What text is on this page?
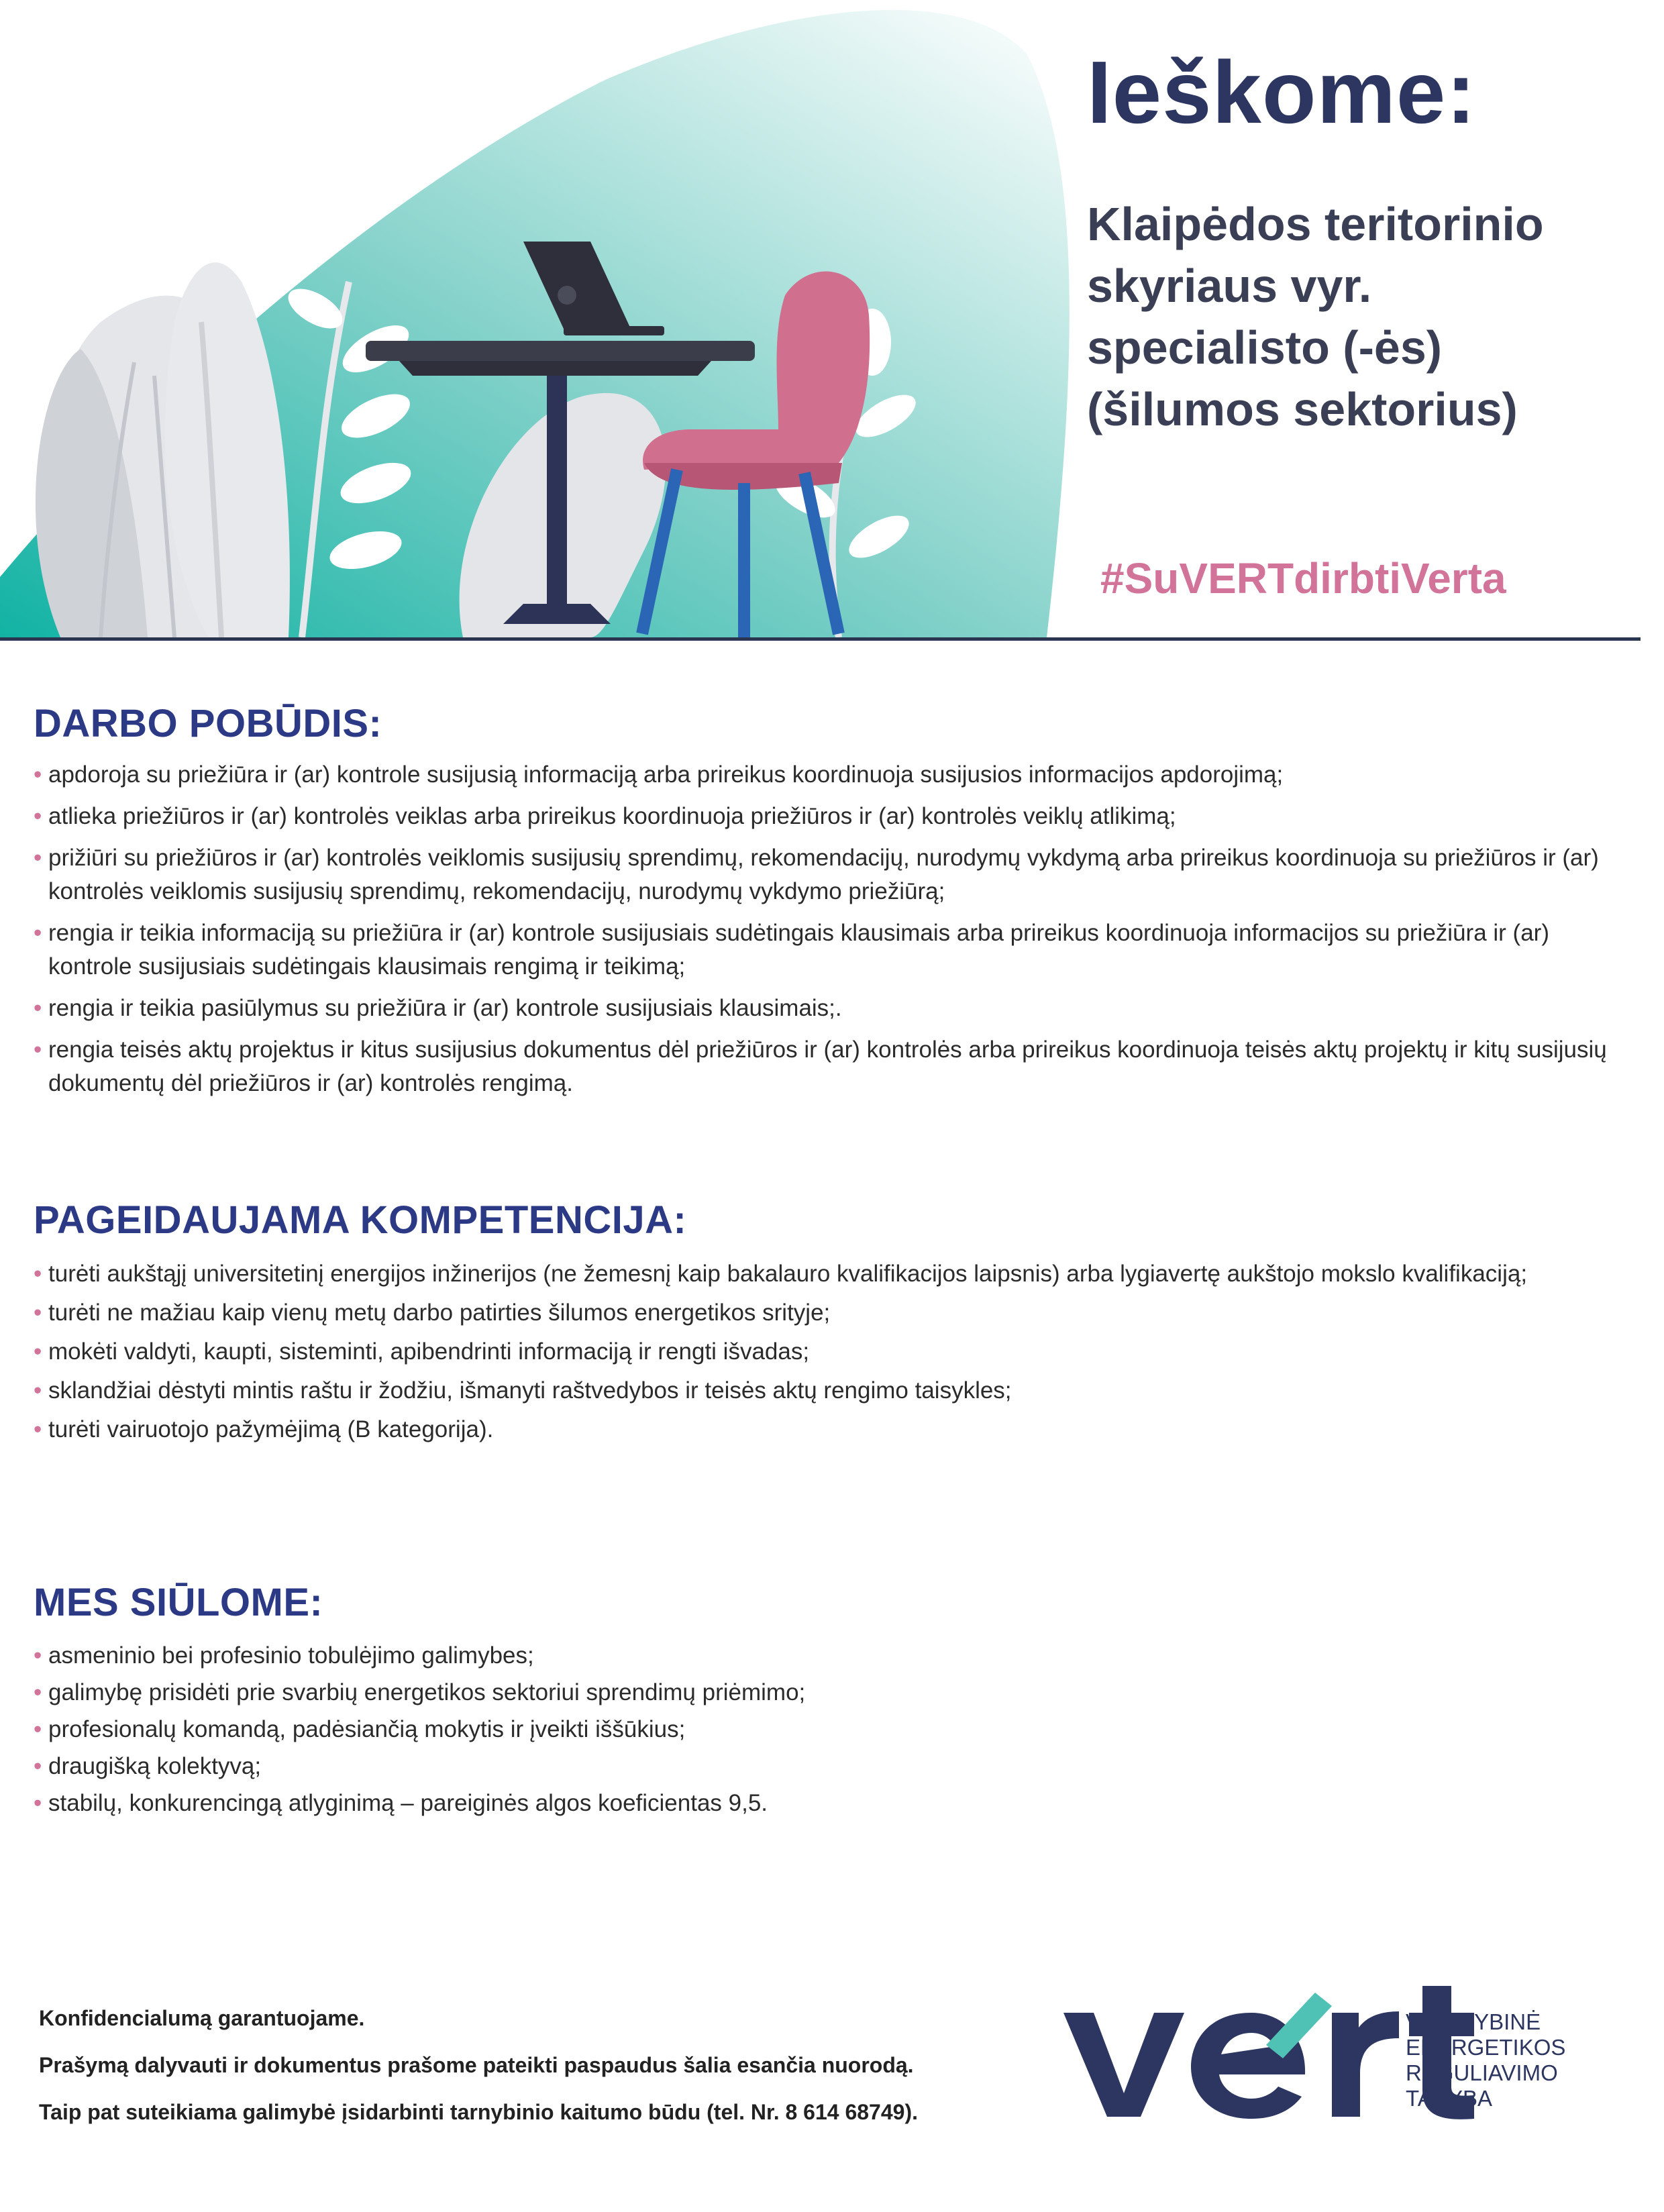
Ieškome:
Klaipėdos teritorinio
skyriaus vyr.
specialisto (-ės)
(šilumos sektorius)
#SuVERTdirbtiVerta
DARBO POBŪDIS:
• apdoroja su priežiūra ir (ar) kontrole susijusią informaciją arba prireikus koordinuoja susijusios informacijos apdorojimą;
• atlieka priežiūros ir (ar) kontrolės veiklas arba prireikus koordinuoja priežiūros ir (ar) kontrolės veiklų atlikimą;
• prižiūri su priežiūros ir (ar) kontrolės veiklomis susijusių sprendimų, rekomendacijų, nurodymų vykdymą arba prireikus koordinuoja su priežiūros ir (ar) kontrolės veiklomis susijusių sprendimų, rekomendacijų, nurodymų vykdymo priežiūrą;
• rengia ir teikia informaciją su priežiūra ir (ar) kontrole susijusiais sudėtingais klausimais arba prireikus koordinuoja informacijos su priežiūra ir (ar) kontrole susijusiais sudėtingais klausimais rengimą ir teikimą;
• rengia ir teikia pasiūlymus su priežiūra ir (ar) kontrole susijusiais klausimais;.
• rengia teisės aktų projektus ir kitus susijusius dokumentus dėl priežiūros ir (ar) kontrolės arba prireikus koordinuoja teisės aktų projektų ir kitų susijusių dokumentų dėl priežiūros ir (ar) kontrolės rengimą.
PAGEIDAUJAMA KOMPETENCIJA:
• turėti aukštąjį universitetinį energijos inžinerijos (ne žemesnį kaip bakalauro kvalifikacijos laipsnis) arba lygiavertę aukštojo mokslo kvalifikaciją;
• turėti ne mažiau kaip vienų metų darbo patirties šilumos energetikos srityje;
• mokėti valdyti, kaupti, sisteminti, apibendrinti informaciją ir rengti išvadas;
• sklandžiai dėstyti mintis raštu ir žodžiu, išmanyti raštvedybos ir teisės aktų rengimo taisykles;
• turėti vairuotojo pažymėjimą (B kategorija).
MES SIŪLOME:
• asmeninio bei profesinio tobulėjimo galimybes;
• galimybę prisidėti prie svarbių energetikos sektoriui sprendimų priėmimo;
• profesionalų komandą, padėsiančią mokytis ir įveikti iššūkius;
• draugišką kolektyvą;
• stabilų, konkurencingą atlyginimą – pareiginės algos koeficientas 9,5.

Konfidencialumą garantuojame.

Prašymą dalyvauti ir dokumentus prašome pateikti paspaudus šalia esančia nuorodą.

Taip pat suteikiama galimybė įsidarbinti tarnybinio kaitumo būdu (tel. Nr. 8 614 68749).

VALSTYBINĖ
ENERGETIKOS
REGULIAVIMO
TARYBA
